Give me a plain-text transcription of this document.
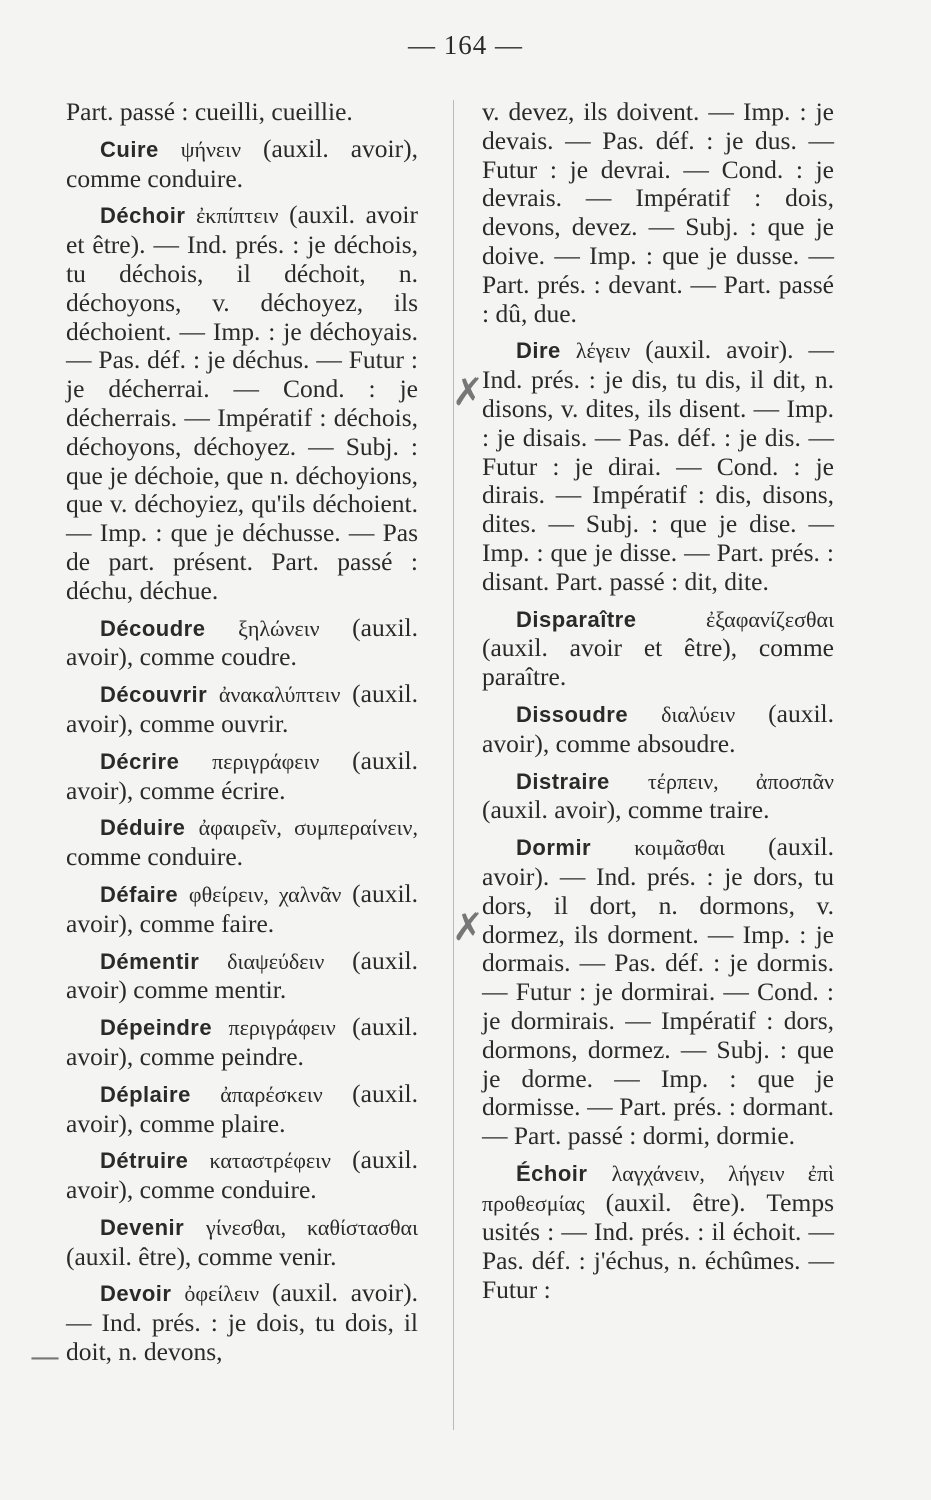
— 164 —

Part. passé : cueilli, cueillie.

Cuire ψήνειν (auxil. avoir), comme conduire.

Déchoir ἐκπίπτειν (auxil. avoir et être). — Ind. prés. : je déchois, tu déchois, il déchoit, n. déchoyons, v. déchoyez, ils déchoient. — Imp. : je déchoyais. — Pas. déf. : je déchus. — Futur : je décherrai. — Cond. : je décherrais. — Impératif : déchois, déchoyons, déchoyez. — Subj. : que je déchoie, que n. déchoyions, que v. déchoyiez, qu'ils déchoient. — Imp. : que je déchusse. — Pas de part. présent. Part. passé : déchu, déchue.

Découdre ξηλώνειν (auxil. avoir), comme coudre.

Découvrir ἀνακαλύπτειν (auxil. avoir), comme ouvrir.

Décrire περιγράφειν (auxil. avoir), comme écrire.

Déduire ἀφαιρεῖν, συμπεραίνειν, comme conduire.

Défaire φθείρειν, χαλνᾶν (auxil. avoir), comme faire.

Démentir διαψεύδειν (auxil. avoir) comme mentir.

Dépeindre περιγράφειν (auxil. avoir), comme peindre.

Déplaire ἀπαρέσκειν (auxil. avoir), comme plaire.

Détruire καταστρέφειν (auxil. avoir), comme conduire.

Devenir γίνεσθαι, καθίστασθαι (auxil. être), comme venir.

Devoir ὀφείλειν (auxil. avoir). — Ind. prés. : je dois, tu dois, il doit, n. devons,

v. devez, ils doivent. — Imp. : je devais. — Pas. déf. : je dus. — Futur : je devrai. — Cond. : je devrais. — Impératif : dois, devons, devez. — Subj. : que je doive. — Imp. : que je dusse. — Part. prés. : devant. — Part. passé : dû, due.

Dire λέγειν (auxil. avoir). — Ind. prés. : je dis, tu dis, il dit, n. disons, v. dites, ils disent. — Imp. : je disais. — Pas. déf. : je dis. — Futur : je dirai. — Cond. : je dirais. — Impératif : dis, disons, dites. — Subj. : que je dise. — Imp. : que je disse. — Part. prés. : disant. Part. passé : dit, dite.

Disparaître	ἐξαφανίζεσθαι (auxil. avoir et être), comme paraître.

Dissoudre διαλύειν (auxil. avoir), comme absoudre.

Distraire τέρπειν, ἀποσπᾶν (auxil. avoir), comme traire.

Dormir κοιμᾶσθαι (auxil. avoir). — Ind. prés. : je dors, tu dors, il dort, n. dormons, v. dormez, ils dorment. — Imp. : je dormais. — Pas. déf. : je dormis. — Futur : je dormirai. — Cond. : je dormirais. — Impératif : dors, dormons, dormez. — Subj. : que je dorme. — Imp. : que je dormisse. — Part. prés. : dormant. — Part. passé : dormi, dormie.

Échoir λαγχάνειν, λήγειν ἐπὶ προθεσμίας (auxil. être). Temps usités : — Ind. prés. : il échoit. — Pas. déf. : j'échus, n. échûmes. — Futur :

✗
✗
—
